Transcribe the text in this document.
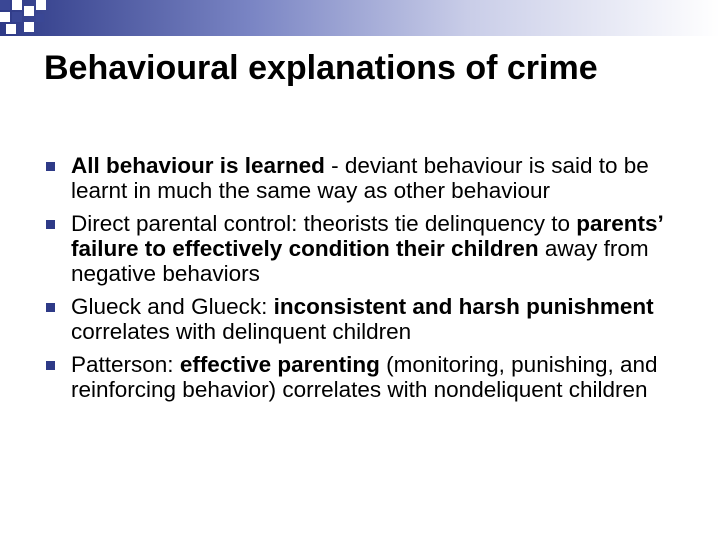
Behavioural explanations of crime
All behaviour is learned - deviant behaviour is said to be learnt in much the same way as other behaviour
Direct parental control: theorists tie delinquency to parents’ failure to effectively condition their children away from negative behaviors
Glueck and Glueck: inconsistent and harsh punishment correlates with delinquent children
Patterson: effective parenting (monitoring, punishing, and reinforcing behavior) correlates with nondeliquent children
